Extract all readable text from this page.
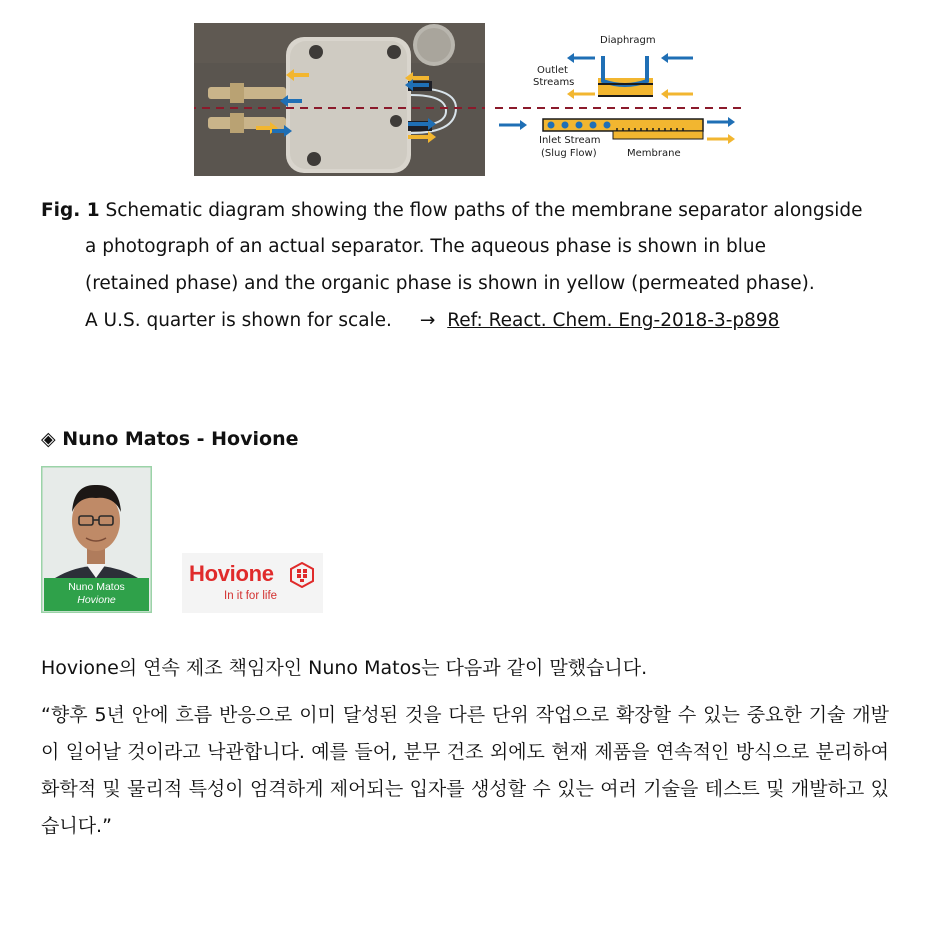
Diaphragm
Outlet
Streams
Inlet Stream
(Slug Flow)	Membrane
Fig. 1 Schematic diagram showing the flow paths of the membrane separator alongside
a photograph of an actual separator. The aqueous phase is shown in blue
(retained phase) and the organic phase is shown in yellow (permeated phase).
A U.S. quarter is shown for scale. → Ref: React. Chem. Eng-2018-3-p898
◈ Nuno Matos - Hovione
Nuno Matos
Hovione
Hovione
In it for life
Hovione의 연속 제조 책임자인 Nuno Matos는 다음과 같이 말했습니다.
“향후 5년 안에 흐름 반응으로 이미 달성된 것을 다른 단위 작업으로 확장할 수 있는 중요한 기술 개발이 일어날 것이라고 낙관합니다. 예를 들어, 분무 건조 외에도 현재 제품을 연속적인 방식으로 분리하여 화학적 및 물리적 특성이 엄격하게 제어되는 입자를 생성할 수 있는 여러 기술을 테스트 및 개발하고 있습니다.”
